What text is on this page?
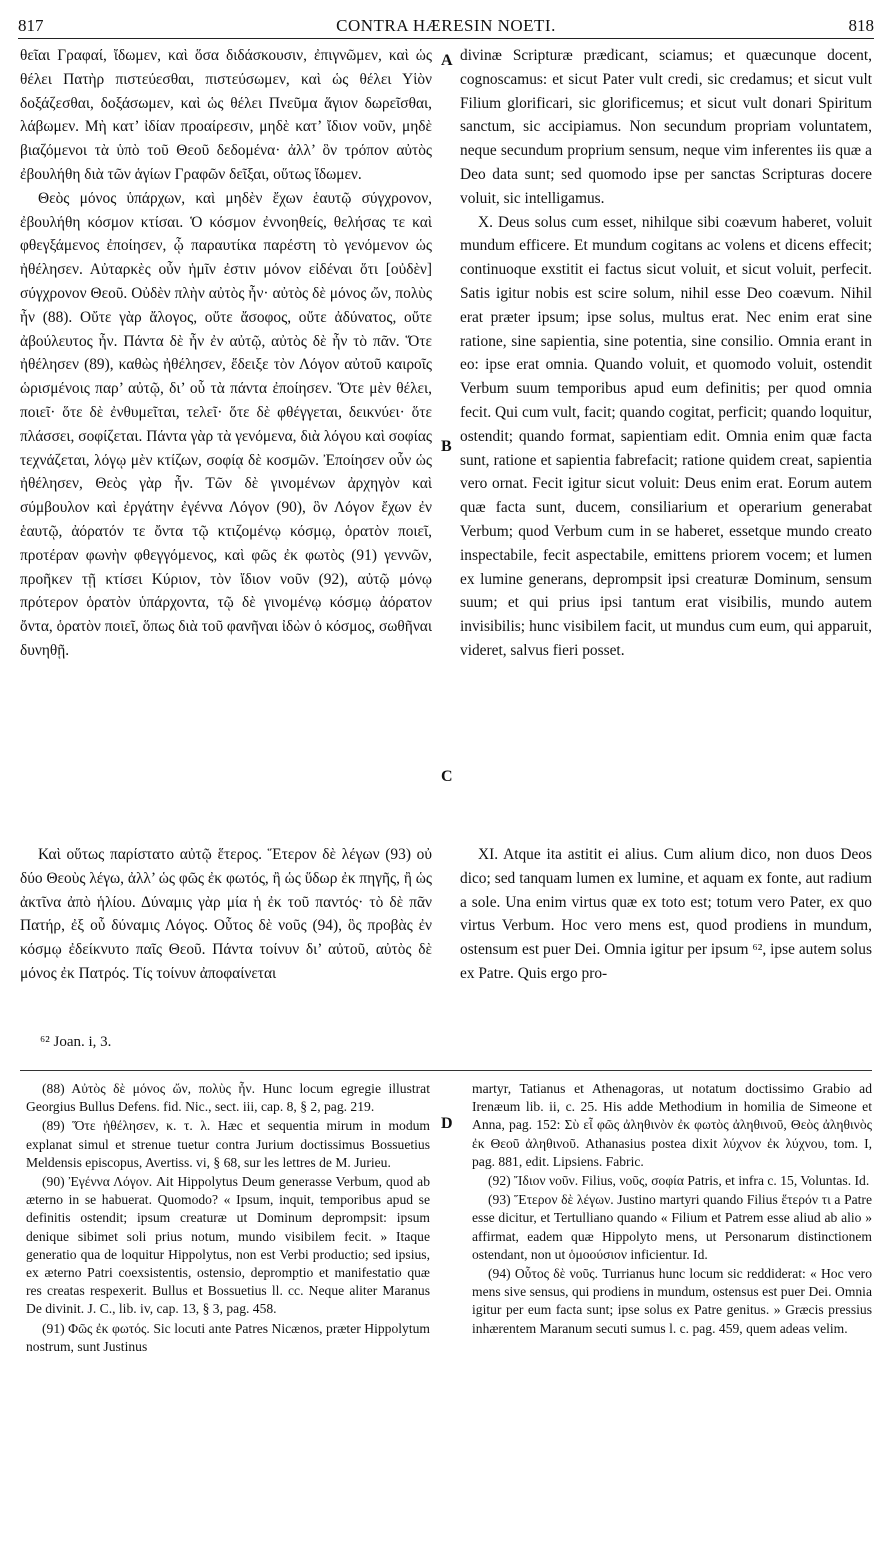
817	CONTRA HÆRESIN NOETI.	818
A
B
C
D

θεῖαι Γραφαί, ἴδωμεν, καὶ ὅσα διδάσκουσιν, ἐπιγνῶμεν, καὶ ὡς θέλει Πατὴρ πιστεύεσθαι, πιστεύσωμεν, καὶ ὡς θέλει Υἱὸν δοξάζεσθαι, δοξάσωμεν, καὶ ὡς θέλει Πνεῦμα ἅγιον δωρεῖσθαι, λάβωμεν. Μὴ κατ’ ἰδίαν προαίρεσιν, μηδὲ κατ’ ἴδιον νοῦν, μηδὲ βιαζόμενοι τὰ ὑπὸ τοῦ Θεοῦ δεδομένα· ἀλλ’ ὃν τρόπον αὐτὸς ἐβουλήθη διὰ τῶν ἁγίων Γραφῶν δεῖξαι, οὕτως ἴδωμεν.

Θεὸς μόνος ὑπάρχων, καὶ μηδὲν ἔχων ἑαυτῷ σύγχρονον, ἐβουλήθη κόσμον κτίσαι. Ὁ κόσμον ἐννοηθείς, θελήσας τε καὶ φθεγξάμενος ἐποίησεν, ᾧ παραυτίκα παρέστη τὸ γενόμενον ὡς ἠθέλησεν. Αὐταρκὲς οὖν ἡμῖν ἐστιν μόνον εἰδέναι ὅτι [οὐδὲν] σύγχρονον Θεοῦ. Οὐδὲν πλὴν αὐτὸς ἦν· αὐτὸς δὲ μόνος ὤν, πολὺς ἦν (88). Οὔτε γὰρ ἄλογος, οὔτε ἄσοφος, οὔτε ἀδύνατος, οὔτε ἀβούλευτος ἦν. Πάντα δὲ ἦν ἐν αὐτῷ, αὐτὸς δὲ ἦν τὸ πᾶν. Ὅτε ἠθέλησεν (89), καθὼς ἠθέλησεν, ἔδειξε τὸν Λόγον αὐτοῦ καιροῖς ὡρισμένοις παρ’ αὐτῷ, δι’ οὗ τὰ πάντα ἐποίησεν. Ὅτε μὲν θέλει, ποιεῖ· ὅτε δὲ ἐνθυμεῖται, τελεῖ· ὅτε δὲ φθέγγεται, δεικνύει· ὅτε πλάσσει, σοφίζεται. Πάντα γὰρ τὰ γενόμενα, διὰ λόγου καὶ σοφίας τεχνάζεται, λόγῳ μὲν κτίζων, σοφίᾳ δὲ κοσμῶν. Ἐποίησεν οὖν ὡς ἠθέλησεν, Θεὸς γὰρ ἦν. Τῶν δὲ γινομένων ἀρχηγὸν καὶ σύμβουλον καὶ ἐργάτην ἐγέννα Λόγον (90), ὃν Λόγον ἔχων ἐν ἑαυτῷ, ἀόρατόν τε ὄντα τῷ κτιζομένῳ κόσμῳ, ὁρατὸν ποιεῖ, προτέραν φωνὴν φθεγγόμενος, καὶ φῶς ἐκ φωτὸς (91) γεννῶν, προῆκεν τῇ κτίσει Κύριον, τὸν ἴδιον νοῦν (92), αὐτῷ μόνῳ πρότερον ὁρατὸν ὑπάρχοντα, τῷ δὲ γινομένῳ κόσμῳ ἀόρατον ὄντα, ὁρατὸν ποιεῖ, ὅπως διὰ τοῦ φανῆναι ἰδὼν ὁ κόσμος, σωθῆναι δυνηθῇ.

divinæ Scripturæ prædicant, sciamus; et quæcunque docent, cognoscamus: et sicut Pater vult credi, sic credamus; et sicut vult Filium glorificari, sic glorificemus; et sicut vult donari Spiritum sanctum, sic accipiamus. Non secundum propriam voluntatem, neque secundum proprium sensum, neque vim inferentes iis quæ a Deo data sunt; sed quomodo ipse per sanctas Scripturas docere voluit, sic intelligamus.

X. Deus solus cum esset, nihilque sibi coævum haberet, voluit mundum efficere. Et mundum cogitans ac volens et dicens effecit; continuoque exstitit ei factus sicut voluit, et sicut voluit, perfecit. Satis igitur nobis est scire solum, nihil esse Deo coævum. Nihil erat præter ipsum; ipse solus, multus erat. Nec enim erat sine ratione, sine sapientia, sine potentia, sine consilio. Omnia erant in eo: ipse erat omnia. Quando voluit, et quomodo voluit, ostendit Verbum suum temporibus apud eum definitis; per quod omnia fecit. Qui cum vult, facit; quando cogitat, perficit; quando loquitur, ostendit; quando format, sapientiam edit. Omnia enim quæ facta sunt, ratione et sapientia fabrefacit; ratione quidem creat, sapientia vero ornat. Fecit igitur sicut voluit: Deus enim erat. Eorum autem quæ facta sunt, ducem, consiliarium et operarium generabat Verbum; quod Verbum cum in se haberet, essetque mundo creato inspectabile, fecit aspectabile, emittens priorem vocem; et lumen ex lumine generans, deprompsit ipsi creaturæ Dominum, sensum suum; et qui prius ipsi tantum erat visibilis, mundo autem invisibilis; hunc visibilem facit, ut mundus cum eum, qui apparuit, videret, salvus fieri posset.

Καὶ οὕτως παρίστατο αὐτῷ ἕτερος. Ἕτερον δὲ λέγων (93) οὐ δύο Θεοὺς λέγω, ἀλλ’ ὡς φῶς ἐκ φωτός, ἢ ὡς ὕδωρ ἐκ πηγῆς, ἢ ὡς ἀκτῖνα ἀπὸ ἡλίου. Δύναμις γὰρ μία ἡ ἐκ τοῦ παντός· τὸ δὲ πᾶν Πατήρ, ἐξ οὗ δύναμις Λόγος. Οὗτος δὲ νοῦς (94), ὃς προβὰς ἐν κόσμῳ ἐδείκνυτο παῖς Θεοῦ. Πάντα τοίνυν δι’ αὐτοῦ, αὐτὸς δὲ μόνος ἐκ Πατρός. Τίς τοίνυν ἀποφαίνεται

XI. Atque ita astitit ei alius. Cum alium dico, non duos Deos dico; sed tanquam lumen ex lumine, et aquam ex fonte, aut radium a sole. Una enim virtus quæ ex toto est; totum vero Pater, ex quo virtus Verbum. Hoc vero mens est, quod prodiens in mundum, ostensum est puer Dei. Omnia igitur per ipsum ⁶², ipse autem solus ex Patre. Quis ergo pro-

⁶² Joan. i, 3.

(88) Αὐτὸς δὲ μόνος ὤν, πολὺς ἦν. Hunc locum egregie illustrat Georgius Bullus Defens. fid. Nic., sect. iii, cap. 8, § 2, pag. 219.

(89) Ὅτε ἠθέλησεν, κ. τ. λ. Hæc et sequentia mirum in modum explanat simul et strenue tuetur contra Jurium doctissimus Bossuetius Meldensis episcopus, Avertiss. vi, § 68, sur les lettres de M. Jurieu.

(90) Ἐγέννα Λόγον. Ait Hippolytus Deum generasse Verbum, quod ab æterno in se habuerat. Quomodo? « Ipsum, inquit, temporibus apud se definitis ostendit; ipsum creaturæ ut Dominum deprompsit: ipsum denique sibimet soli prius notum, mundo visibilem fecit. » Itaque generatio qua de loquitur Hippolytus, non est Verbi productio; sed ipsius, ex æterno Patri coexsistentis, ostensio, depromptio et manifestatio quæ res creatas respexerit. Bullus et Bossuetius ll. cc. Neque aliter Maranus De divinit. J. C., lib. iv, cap. 13, § 3, pag. 458.

(91) Φῶς ἐκ φωτός. Sic locuti ante Patres Nicænos, præter Hippolytum nostrum, sunt Justinus

martyr, Tatianus et Athenagoras, ut notatum doctissimo Grabio ad Irenæum lib. ii, c. 25. His adde Methodium in homilia de Simeone et Anna, pag. 152: Σὺ εἶ φῶς ἀληθινὸν ἐκ φωτὸς ἀληθινοῦ, Θεὸς ἀληθινὸς ἐκ Θεοῦ ἀληθινοῦ. Athanasius postea dixit λύχνον ἐκ λύχνου, tom. I, pag. 881, edit. Lipsiens. Fabric.

(92) Ἴδιον νοῦν. Filius, νοῦς, σοφία Patris, et infra c. 15, Voluntas. Id.

(93) Ἕτερον δὲ λέγων. Justino martyri quando Filius ἕτερόν τι a Patre esse dicitur, et Tertulliano quando « Filium et Patrem esse aliud ab alio » affirmat, eadem quæ Hippolyto mens, ut Personarum distinctionem ostendant, non ut ὁμοούσιον inficientur. Id.

(94) Οὗτος δὲ νοῦς. Turrianus hunc locum sic reddiderat: « Hoc vero mens sive sensus, qui prodiens in mundum, ostensus est puer Dei. Omnia igitur per eum facta sunt; ipse solus ex Patre genitus. » Græcis pressius inhærentem Maranum secuti sumus l. c. pag. 459, quem adeas velim.
